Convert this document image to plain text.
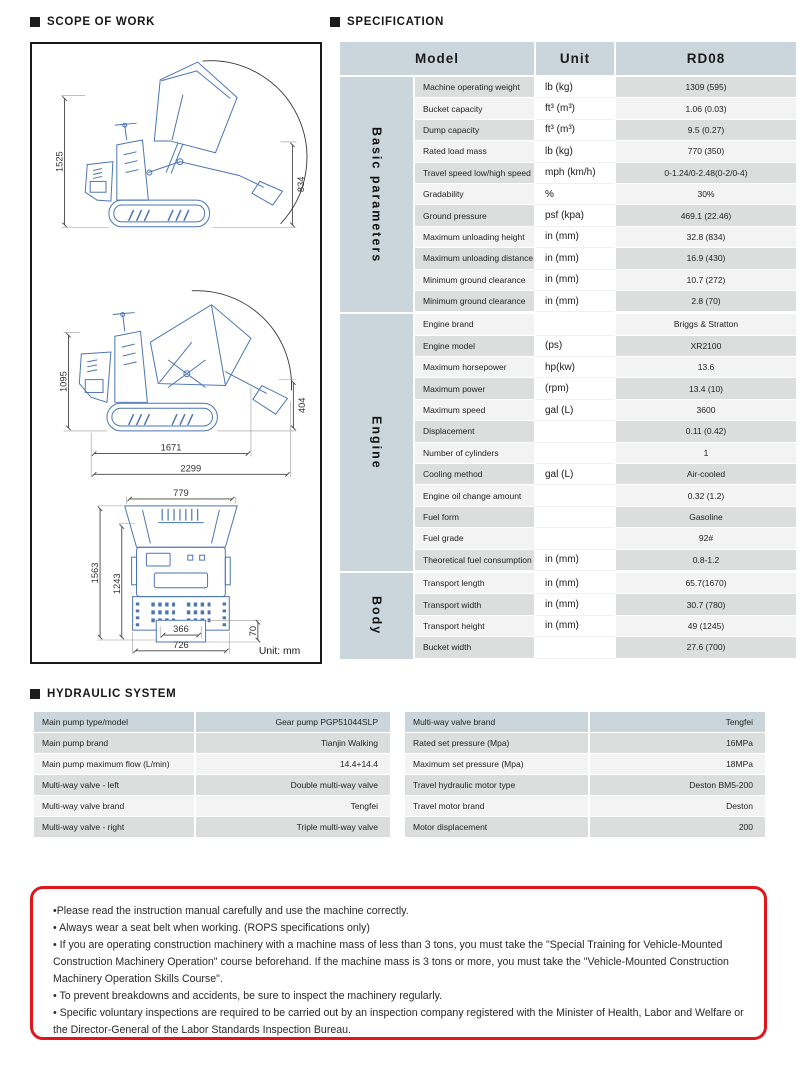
SCOPE OF WORK
1525
834
1095
404
1671
2299
779
1563
1243
70
366
726
Unit: mm
SPECIFICATION
Model	Unit	RD08
Basic parameters
Machine operating weight	lb (kg)	1309 (595)
Bucket capacity	ft³ (m³)	1.06 (0.03)
Dump capacity	ft³ (m³)	9.5 (0.27)
Rated load mass	lb (kg)	770 (350)
Travel speed low/high speed	mph (km/h)	0-1.24/0-2.48(0-2/0-4)
Gradability	%	30%
Ground pressure	psf (kpa)	469.1 (22.46)
Maximum unloading height	in (mm)	32.8 (834)
Maximum unloading distance	in (mm)	16.9 (430)
Minimum ground clearance	in (mm)	10.7 (272)
Minimum ground clearance	in (mm)	2.8 (70)
Engine
Engine brand	Briggs & Stratton
Engine model	(ps)	XR2100
Maximum horsepower	hp(kw)	13.6
Maximum power	(rpm)	13.4 (10)
Maximum speed	gal (L)	3600
Displacement	0.11 (0.42)
Number of cylinders	1
Cooling method	gal (L)	Air-cooled
Engine oil change amount	0.32 (1.2)
Fuel form	Gasoline
Fuel grade	92#
Theoretical fuel consumption	in (mm)	0.8-1.2
Body
Transport length	in (mm)	65.7(1670)
Transport width	in (mm)	30.7 (780)
Transport height	in (mm)	49 (1245)
Bucket width	27.6 (700)
HYDRAULIC SYSTEM
Main pump type/model	Gear pump PGP51044SLP
Main pump brand	Tianjin Walking
Main pump maximum flow (L/min)	14.4+14.4
Multi-way valve - left	Double multi-way valve
Multi-way valve brand	Tengfei
Multi-way valve - right	Triple multi-way valve
Multi-way valve brand	Tengfei
Rated set pressure (Mpa)	16MPa
Maximum set pressure (Mpa)	18MPa
Travel hydraulic motor type	Deston BM5-200
Travel motor brand	Deston
Motor displacement	200
•Please read the instruction manual carefully and use the machine correctly.
• Always wear a seat belt when working. (ROPS specifications only)
• If you are operating construction machinery with a machine mass of less than 3 tons, you must take the "Special Training for Vehicle-Mounted Construction Machinery Operation" course beforehand. If the machine mass is 3 tons or more, you must take the "Vehicle-Mounted Construction Machinery Operation Skills Course".
• To prevent breakdowns and accidents, be sure to inspect the machinery regularly.
• Specific voluntary inspections are required to be carried out by an inspection company registered with the Minister of Health, Labor and Welfare or the Director-General of the Labor Standards Inspection Bureau.
